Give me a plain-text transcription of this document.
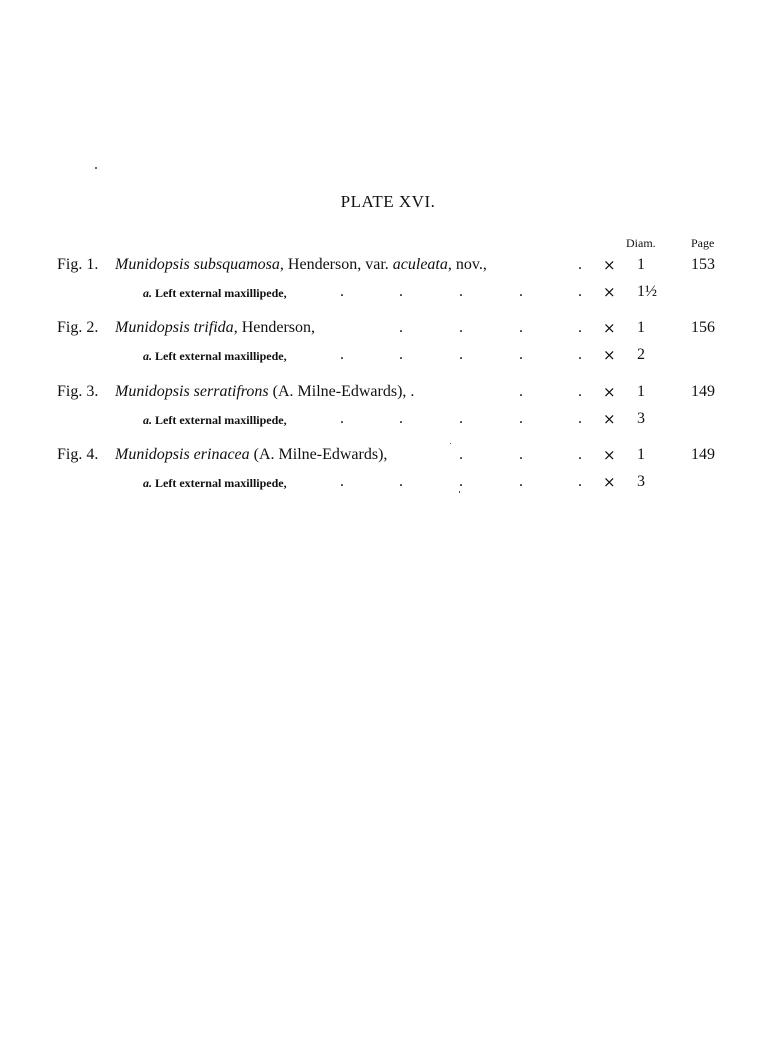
PLATE XVI.
Diam.	Page
Fig. 1. Munidopsis subsquamosa, Henderson, var. aculeata, nov.,	. × 1	153
a. Left external maxillipede,	.	.	.	.	. × 1½
Fig. 2. Munidopsis trifida, Henderson,	.	.	.	. × 1	156
a. Left external maxillipede,	.	.	.	.	. × 2
Fig. 3. Munidopsis serratifrons (A. Milne-Edwards), .	.	. × 1	149
a. Left external maxillipede,	.	.	.	.	. × 3
Fig. 4. Munidopsis erinacea (A. Milne-Edwards),	.	.	. × 1	149
a. Left external maxillipede,	.	.	.	.	. × 3
